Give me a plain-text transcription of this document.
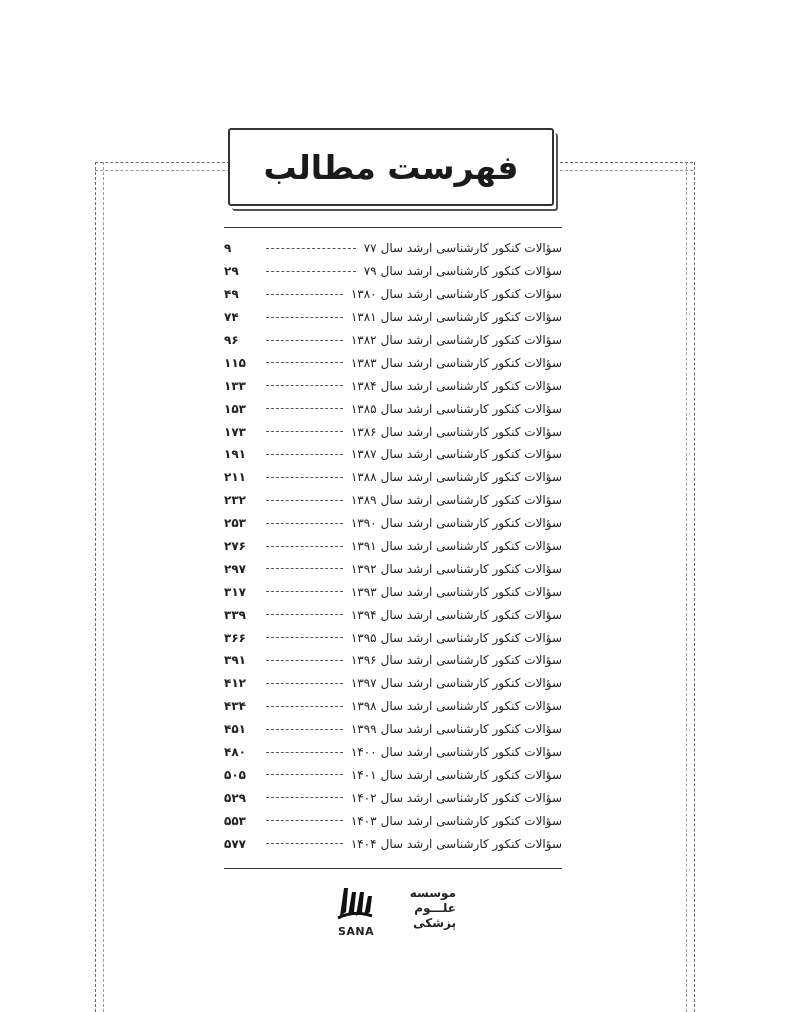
فهرست مطالب
سؤالات کنکور کارشناسی ارشد سال
۷۷
۹
سؤالات کنکور کارشناسی ارشد سال
۷۹
۲۹
سؤالات کنکور کارشناسی ارشد سال
۱۳۸۰
۴۹
سؤالات کنکور کارشناسی ارشد سال
۱۳۸۱
۷۴
سؤالات کنکور کارشناسی ارشد سال
۱۳۸۲
۹۶
سؤالات کنکور کارشناسی ارشد سال
۱۳۸۳
۱۱۵
سؤالات کنکور کارشناسی ارشد سال
۱۳۸۴
۱۳۳
سؤالات کنکور کارشناسی ارشد سال
۱۳۸۵
۱۵۳
سؤالات کنکور کارشناسی ارشد سال
۱۳۸۶
۱۷۳
سؤالات کنکور کارشناسی ارشد سال
۱۳۸۷
۱۹۱
سؤالات کنکور کارشناسی ارشد سال
۱۳۸۸
۲۱۱
سؤالات کنکور کارشناسی ارشد سال
۱۳۸۹
۲۳۲
سؤالات کنکور کارشناسی ارشد سال
۱۳۹۰
۲۵۳
سؤالات کنکور کارشناسی ارشد سال
۱۳۹۱
۲۷۶
سؤالات کنکور کارشناسی ارشد سال
۱۳۹۲
۲۹۷
سؤالات کنکور کارشناسی ارشد سال
۱۳۹۳
۳۱۷
سؤالات کنکور کارشناسی ارشد سال
۱۳۹۴
۳۳۹
سؤالات کنکور کارشناسی ارشد سال
۱۳۹۵
۳۶۶
سؤالات کنکور کارشناسی ارشد سال
۱۳۹۶
۳۹۱
سؤالات کنکور کارشناسی ارشد سال
۱۳۹۷
۴۱۲
سؤالات کنکور کارشناسی ارشد سال
۱۳۹۸
۴۳۴
سؤالات کنکور کارشناسی ارشد سال
۱۳۹۹
۴۵۱
سؤالات کنکور کارشناسی ارشد سال
۱۴۰۰
۴۸۰
سؤالات کنکور کارشناسی ارشد سال
۱۴۰۱
۵۰۵
سؤالات کنکور کارشناسی ارشد سال
۱۴۰۲
۵۲۹
سؤالات کنکور کارشناسی ارشد سال
۱۴۰۳
۵۵۳
سؤالات کنکور کارشناسی ارشد سال
۱۴۰۴
۵۷۷
موسسه
علـــوم
پزشکی
SANA
